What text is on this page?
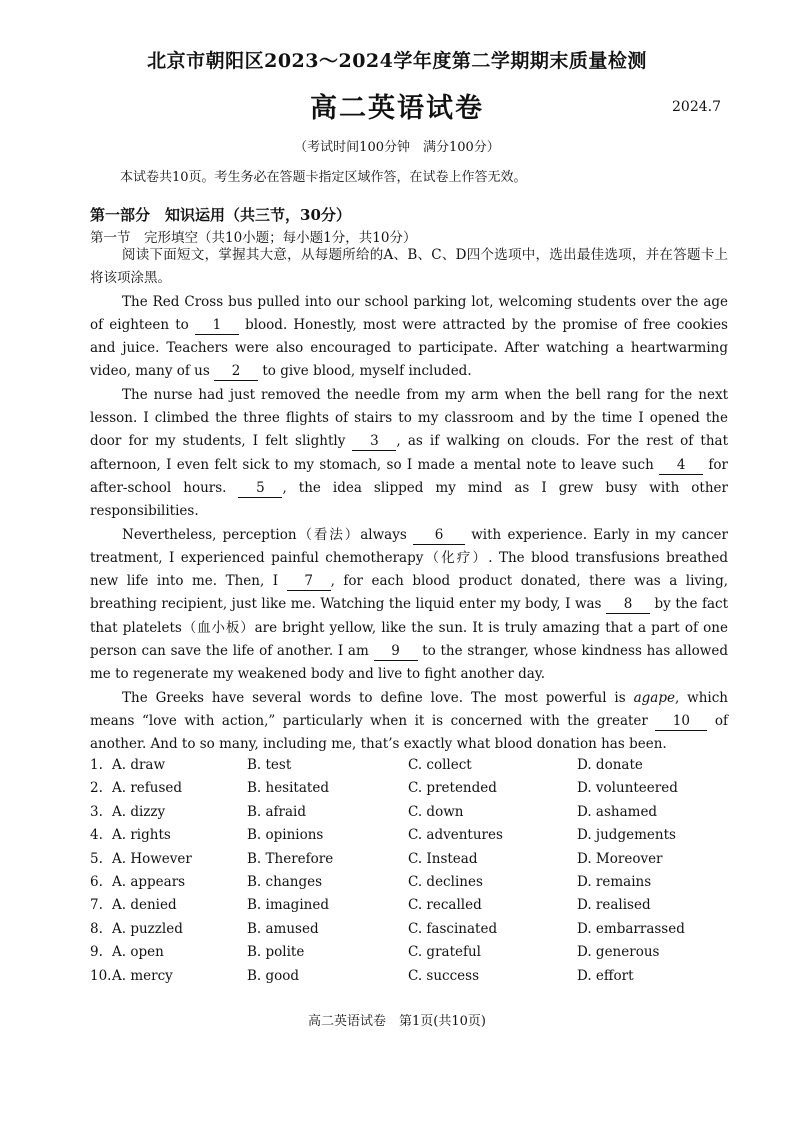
北京市朝阳区2023～2024学年度第二学期期末质量检测
高二英语试卷	2024.7
（考试时间100分钟　满分100分）
本试卷共10页。考生务必在答题卡指定区域作答，在试卷上作答无效。
第一部分　知识运用（共三节，30分）
第一节　完形填空（共10小题；每小题1分，共10分）

阅读下面短文，掌握其大意，从每题所给的A、B、C、D四个选项中，选出最佳选项，并在答题卡上将该项涂黑。

The Red Cross bus pulled into our school parking lot, welcoming students over the age of eighteen to 1 blood. Honestly, most were attracted by the promise of free cookies and juice. Teachers were also encouraged to participate. After watching a heartwarming video, many of us 2 to give blood, myself included.

The nurse had just removed the needle from my arm when the bell rang for the next lesson. I climbed the three flights of stairs to my classroom and by the time I opened the door for my students, I felt slightly 3 , as if walking on clouds. For the rest of that afternoon, I even felt sick to my stomach, so I made a mental note to leave such 4 for after-school hours. 5 , the idea slipped my mind as I grew busy with other responsibilities.

Nevertheless, perception（看法）always 6 with experience. Early in my cancer treatment, I experienced painful chemotherapy（化疗）. The blood transfusions breathed new life into me. Then, I 7 , for each blood product donated, there was a living, breathing recipient, just like me. Watching the liquid enter my body, I was 8 by the fact that platelets（血小板）are bright yellow, like the sun. It is truly amazing that a part of one person can save the life of another. I am 9 to the stranger, whose kindness has allowed me to regenerate my weakened body and live to fight another day.

The Greeks have several words to define love. The most powerful is agape, which means “love with action,” particularly when it is concerned with the greater 10 of another. And to so many, including me, that’s exactly what blood donation has been.

1. A. draw	B. test	C. collect	D. donate
2. A. refused	B. hesitated	C. pretended	D. volunteered
3. A. dizzy	B. afraid	C. down	D. ashamed
4. A. rights	B. opinions	C. adventures	D. judgements
5. A. However	B. Therefore	C. Instead	D. Moreover
6. A. appears	B. changes	C. declines	D. remains
7. A. denied	B. imagined	C. recalled	D. realised
8. A. puzzled	B. amused	C. fascinated	D. embarrassed
9. A. open	B. polite	C. grateful	D. generous
10. A. mercy	B. good	C. success	D. effort
高二英语试卷　第1页(共10页)
